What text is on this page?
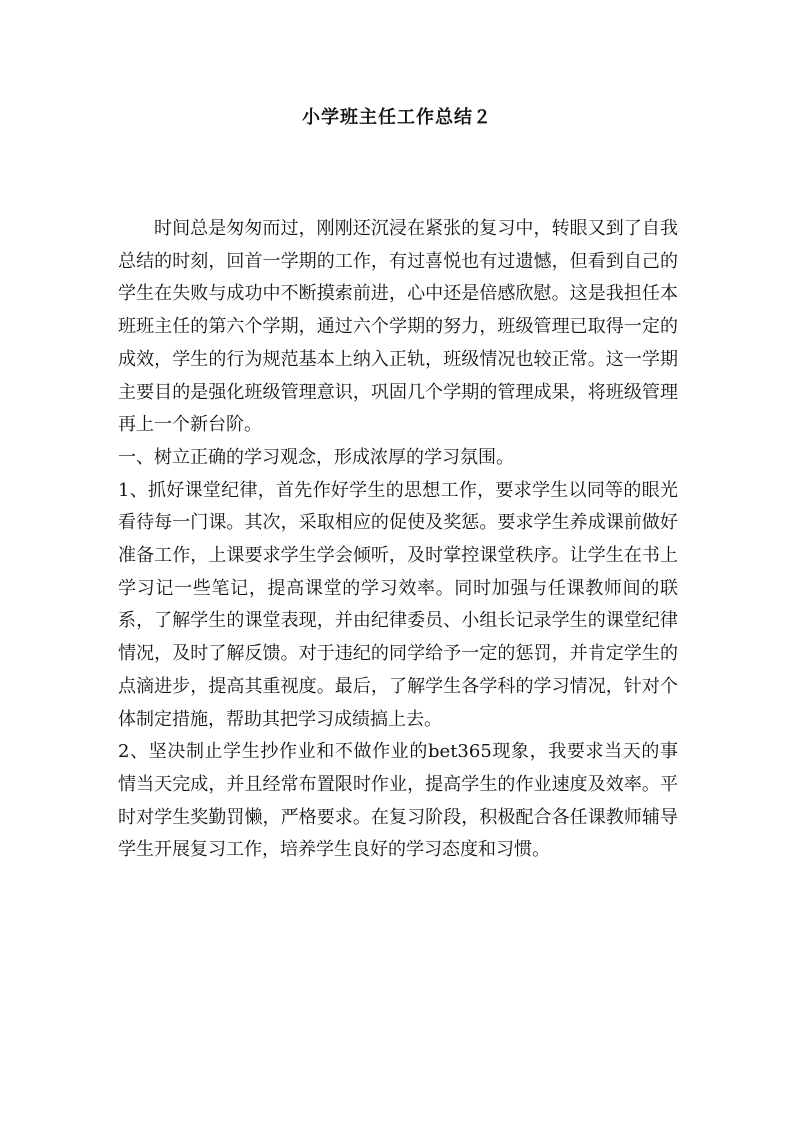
小学班主任工作总结２

时间总是匆匆而过，刚刚还沉浸在紧张的复习中，转眼又到了自我总结的时刻，回首一学期的工作，有过喜悦也有过遗憾，但看到自己的学生在失败与成功中不断摸索前进，心中还是倍感欣慰。这是我担任本班班主任的第六个学期，通过六个学期的努力，班级管理已取得一定的成效，学生的行为规范基本上纳入正轨，班级情况也较正常。这一学期主要目的是强化班级管理意识，巩固几个学期的管理成果，将班级管理再上一个新台阶。

一、树立正确的学习观念，形成浓厚的学习氛围。

1、抓好课堂纪律，首先作好学生的思想工作，要求学生以同等的眼光看待每一门课。其次，采取相应的促使及奖惩。要求学生养成课前做好准备工作，上课要求学生学会倾听，及时掌控课堂秩序。让学生在书上学习记一些笔记，提高课堂的学习效率。同时加强与任课教师间的联系，了解学生的课堂表现，并由纪律委员、小组长记录学生的课堂纪律情况，及时了解反馈。对于违纪的同学给予一定的惩罚，并肯定学生的点滴进步，提高其重视度。最后，了解学生各学科的学习情况，针对个体制定措施，帮助其把学习成绩搞上去。

2、坚决制止学生抄作业和不做作业的bet365现象，我要求当天的事情当天完成，并且经常布置限时作业，提高学生的作业速度及效率。平时对学生奖勤罚懒，严格要求。在复习阶段，积极配合各任课教师辅导学生开展复习工作，培养学生良好的学习态度和习惯。
